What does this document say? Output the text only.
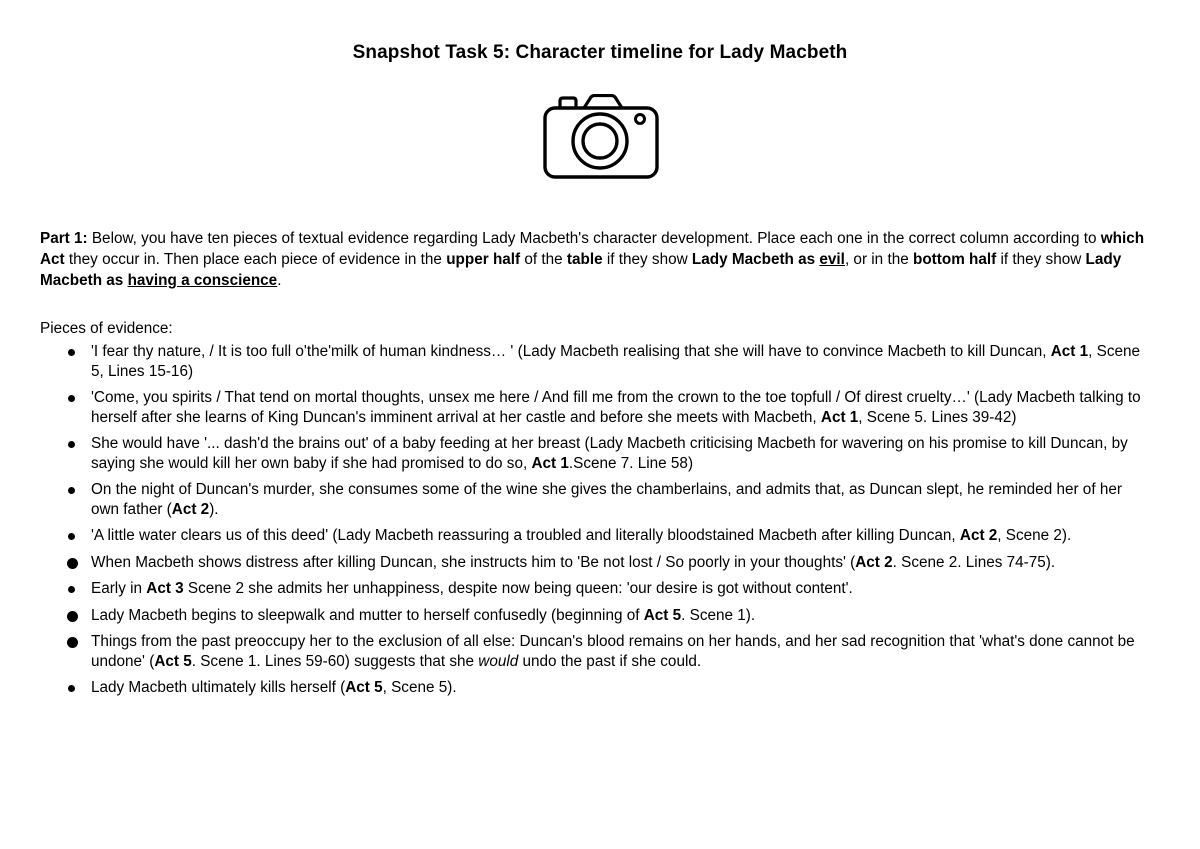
Snapshot Task 5: Character timeline for Lady Macbeth
Part 1: Below, you have ten pieces of textual evidence regarding Lady Macbeth's character development. Place each one in the correct column according to which Act they occur in. Then place each piece of evidence in the upper half of the table if they show Lady Macbeth as evil, or in the bottom half if they show Lady Macbeth as having a conscience.
Pieces of evidence:
'I fear thy nature, / It is too full o'the'milk of human kindness… ' (Lady Macbeth realising that she will have to convince Macbeth to kill Duncan, Act 1, Scene 5, Lines 15-16)
'Come, you spirits / That tend on mortal thoughts, unsex me here / And fill me from the crown to the toe topfull / Of direst cruelty…' (Lady Macbeth talking to herself after she learns of King Duncan's imminent arrival at her castle and before she meets with Macbeth, Act 1, Scene 5. Lines 39-42)
She would have '... dash'd the brains out' of a baby feeding at her breast (Lady Macbeth criticising Macbeth for wavering on his promise to kill Duncan, by saying she would kill her own baby if she had promised to do so, Act 1.Scene 7. Line 58)
On the night of Duncan's murder, she consumes some of the wine she gives the chamberlains, and admits that, as Duncan slept, he reminded her of her own father (Act 2).
'A little water clears us of this deed' (Lady Macbeth reassuring a troubled and literally bloodstained Macbeth after killing Duncan, Act 2, Scene 2).
When Macbeth shows distress after killing Duncan, she instructs him to 'Be not lost / So poorly in your thoughts' (Act 2. Scene 2. Lines 74-75).
Early in Act 3 Scene 2 she admits her unhappiness, despite now being queen: 'our desire is got without content'.
Lady Macbeth begins to sleepwalk and mutter to herself confusedly (beginning of Act 5. Scene 1).
Things from the past preoccupy her to the exclusion of all else: Duncan's blood remains on her hands, and her sad recognition that 'what's done cannot be undone' (Act 5. Scene 1. Lines 59-60) suggests that she would undo the past if she could.
Lady Macbeth ultimately kills herself (Act 5, Scene 5).
